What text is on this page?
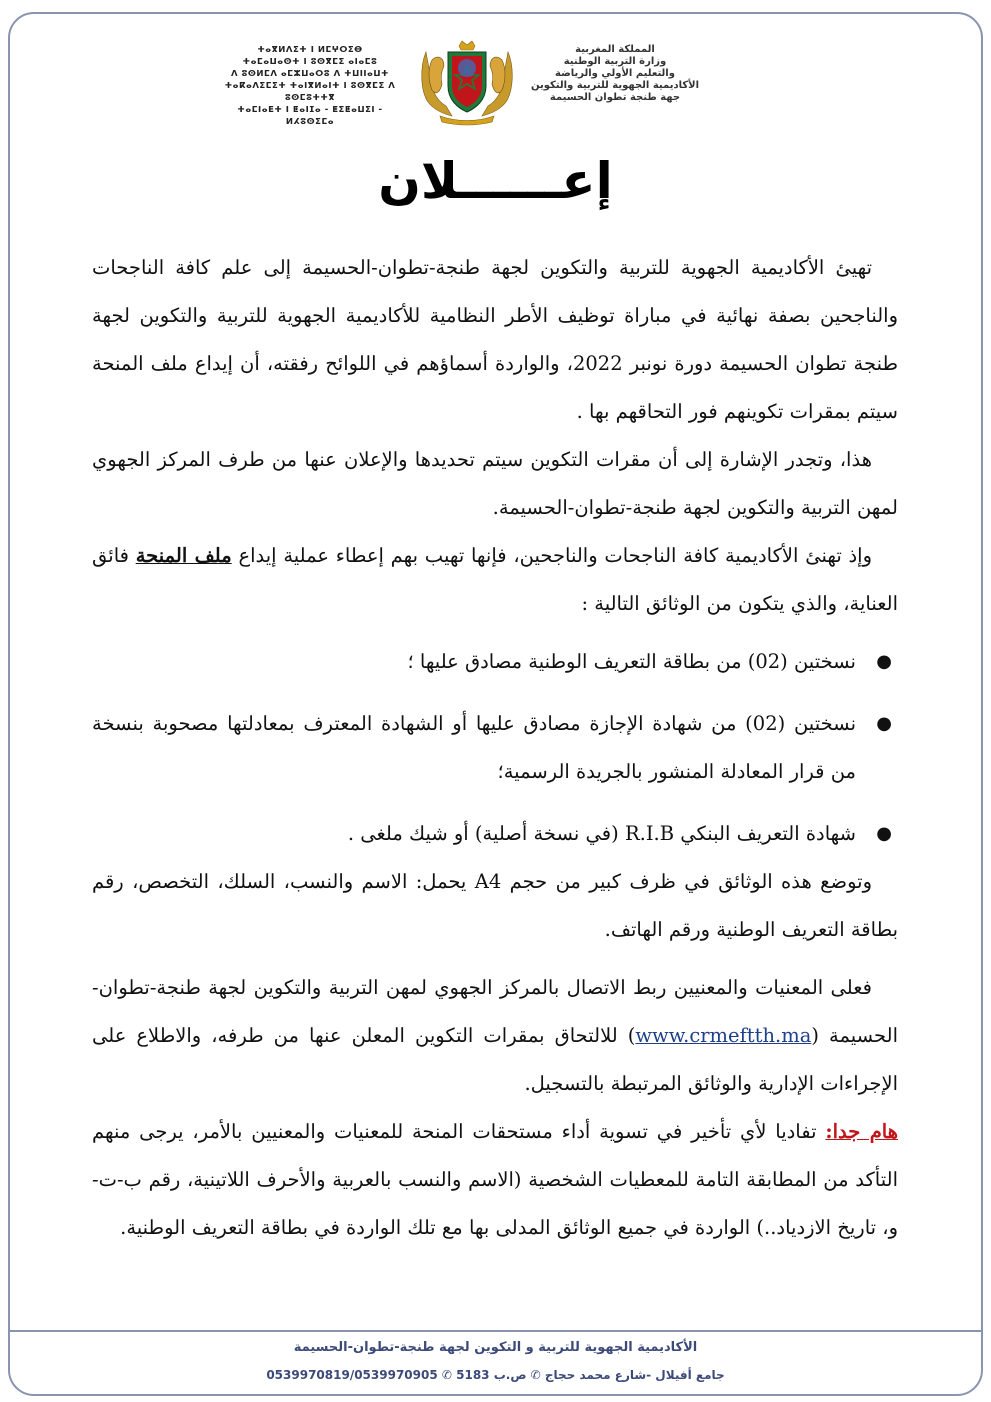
ⵜⴰⴳⵍⴷⵉⵜ ⵏ ⵍⵎⵖⵔⵉⴱ
ⵜⴰⵎⴰⵡⴰⵙⵜ ⵏ ⵓⵙⴳⵎⵉ ⴰⵏⴰⵎⵓ
ⴷ ⵓⵙⵍⵎⴷ ⴰⵎⵣⵡⴰⵔⵓ ⴷ ⵜⵡⵏⵏⴰⵡⵜ
ⵜⴰⴽⴰⴷⵉⵎⵉⵜ ⵜⴰⵏⴳⵍⴰⵏⵜ ⵏ ⵓⵙⴳⵎⵉ ⴷ ⵓⵙⵎⵓⵜⵜⴳ
ⵜⴰⵎⵏⴰⴹⵜ ⵏ ⵟⴰⵏⵊⴰ - ⵟⵉⵟⴰⵡⵉⵏ - ⵍⵃⵓⵙⵉⵎⴰ
المملكة المغربية
وزارة التربية الوطنية
والتعليم الأولي والرياضة
الأكاديمية الجهوية للتربية والتكوين
جهة طنجة تطوان الحسيمة
إعــــــلان

تهيئ الأكاديمية الجهوية للتربية والتكوين لجهة طنجة-تطوان-الحسيمة إلى علم كافة الناجحات والناجحين بصفة نهائية في مباراة توظيف الأطر النظامية للأكاديمية الجهوية للتربية والتكوين لجهة طنجة تطوان الحسيمة دورة نونبر 2022، والواردة أسماؤهم في اللوائح رفقته، أن إيداع ملف المنحة سيتم بمقرات تكوينهم فور التحاقهم بها .

هذا، وتجدر الإشارة إلى أن مقرات التكوين سيتم تحديدها والإعلان عنها من طرف المركز الجهوي لمهن التربية والتكوين لجهة طنجة-تطوان-الحسيمة.

وإذ تهنئ الأكاديمية كافة الناجحات والناجحين، فإنها تهيب بهم إعطاء عملية إيداع ملف المنحة فائق العناية، والذي يتكون من الوثائق التالية :

●
نسختين (02) من بطاقة التعريف الوطنية مصادق عليها ؛

●
نسختين (02) من شهادة الإجازة مصادق عليها أو الشهادة المعترف بمعادلتها مصحوبة بنسخة من قرار المعادلة المنشور بالجريدة الرسمية؛

●
شهادة التعريف البنكي R.I.B (في نسخة أصلية) أو شيك ملغى .

وتوضع هذه الوثائق في ظرف كبير من حجم A4 يحمل: الاسم والنسب، السلك، التخصص، رقم بطاقة التعريف الوطنية ورقم الهاتف.

فعلى المعنيات والمعنيين ربط الاتصال بالمركز الجهوي لمهن التربية والتكوين لجهة طنجة-تطوان-الحسيمة (www.crmeftth.ma) للالتحاق بمقرات التكوين المعلن عنها من طرفه، والاطلاع على الإجراءات الإدارية والوثائق المرتبطة بالتسجيل.

هام جدا: تفاديا لأي تأخير في تسوية أداء مستحقات المنحة للمعنيات والمعنيين بالأمر، يرجى منهم التأكد من المطابقة التامة للمعطيات الشخصية (الاسم والنسب بالعربية والأحرف اللاتينية، رقم ب-ت-و، تاريخ الازدياد..) الواردة في جميع الوثائق المدلى بها مع تلك الواردة في بطاقة التعريف الوطنية.

الأكاديمية الجهوية للتربية و التكوين لجهة طنجة-تطوان-الحسيمة
جامع أفيلال -شارع محمد حجاج ✆ ص.ب 5183 ✆ 0539970819/0539970905
